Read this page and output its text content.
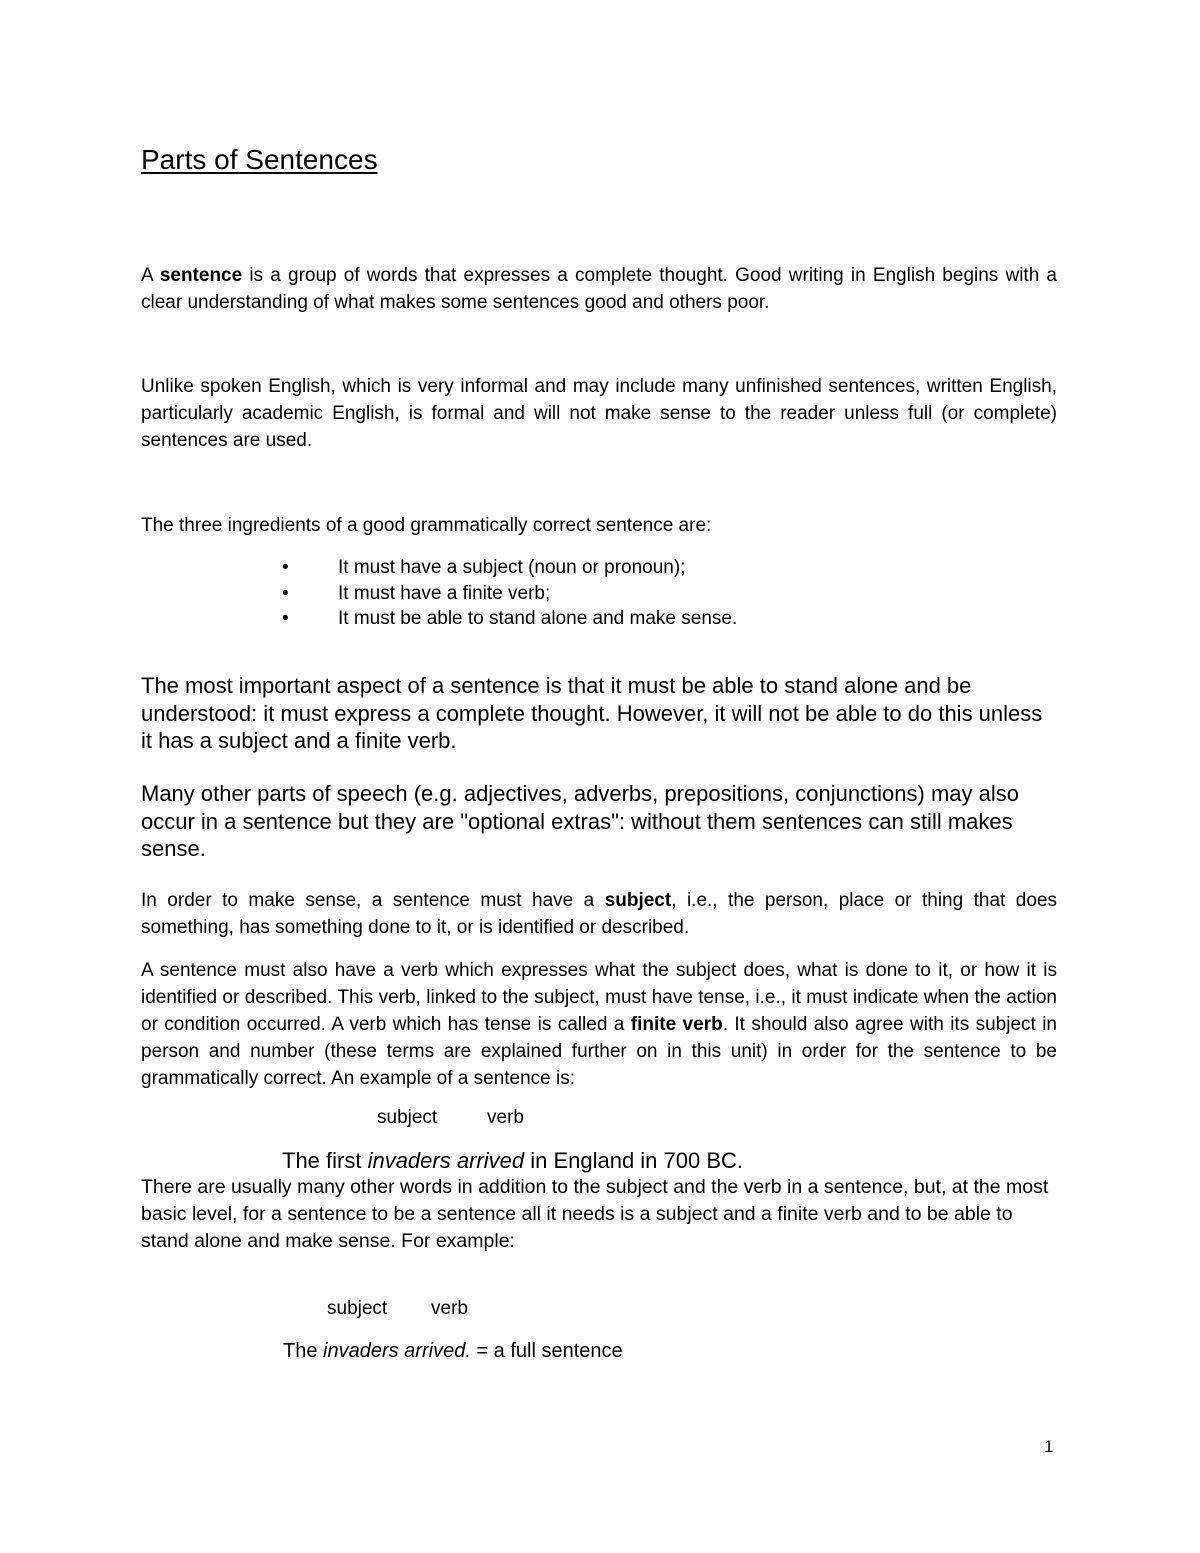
Parts of Sentences

A sentence is a group of words that expresses a complete thought. Good writing in English begins with a clear understanding of what makes some sentences good and others poor.

Unlike spoken English, which is very informal and may include many unfinished sentences, written English, particularly academic English, is formal and will not make sense to the reader unless full (or complete) sentences are used.

The three ingredients of a good grammatically correct sentence are:

•	It must have a subject (noun or pronoun);
•	It must have a finite verb;
•	It must be able to stand alone and make sense.

The most important aspect of a sentence is that it must be able to stand alone and be understood: it must express a complete thought. However, it will not be able to do this unless it has a subject and a finite verb.

Many other parts of speech (e.g. adjectives, adverbs, prepositions, conjunctions) may also occur in a sentence but they are "optional extras": without them sentences can still makes sense.

In order to make sense, a sentence must have a subject, i.e., the person, place or thing that does something, has something done to it, or is identified or described.

A sentence must also have a verb which expresses what the subject does, what is done to it, or how it is identified or described. This verb, linked to the subject, must have tense, i.e., it must indicate when the action or condition occurred. A verb which has tense is called a finite verb. It should also agree with its subject in person and number (these terms are explained further on in this unit) in order for the sentence to be grammatically correct. An example of a sentence is:

subject	verb
The first invaders arrived in England in 700 BC.

There are usually many other words in addition to the subject and the verb in a sentence, but, at the most basic level, for a sentence to be a sentence all it needs is a subject and a finite verb and to be able to stand alone and make sense. For example:

subject verb
The invaders arrived. = a full sentence
1
